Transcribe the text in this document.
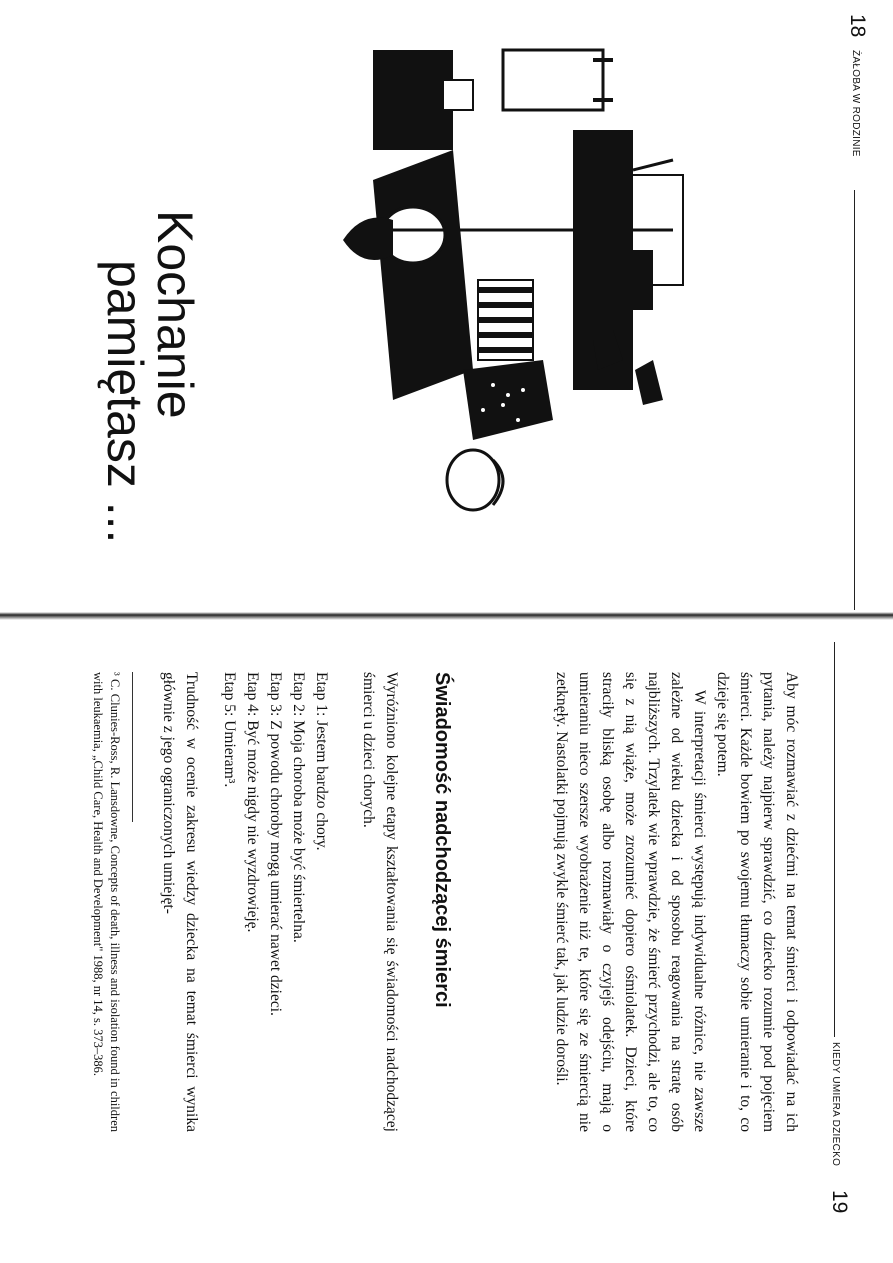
18
ŻAŁOBA W RODZINIE
Kochanie
pamiętasz ...
KIEDY UMIERA DZIECKO
19

Aby móc rozmawiać z dziećmi na temat śmierci i odpowiadać na ich pytania, należy najpierw sprawdzić, co dziecko rozumie pod pojęciem śmierci. Każde bowiem po swojemu tłumaczy sobie umieranie i to, co dzieje się potem.

W interpretacji śmierci występują indywidualne różnice, nie zawsze zależne od wieku dziecka i od sposobu reagowania na stratę osób najbliższych. Trzylatek wie wprawdzie, że śmierć przychodzi, ale to, co się z nią wiąże, może zrozumieć dopiero ośmiolatek. Dzieci, które straciły bliską osobę albo rozmawiały o czyjejś odejściu, mają o umieraniu nieco szersze wyobrażenie niż te, które się ze śmiercią nie zetknęły. Nastolatki pojmują zwykle śmierć tak, jak ludzie dorośli.

Świadomość nadchodzącej śmierci

Wyróżniono kolejne etapy kształtowania się świadomości nadchodzącej śmierci u dzieci chorych.

Etap 1: Jestem bardzo chory.
Etap 2: Moja choroba może być śmiertelna.
Etap 3: Z powodu choroby mogą umierać nawet dzieci.
Etap 4: Być może nigdy nie wyzdrowieję.
Etap 5: Umieram³.

Trudność w ocenie zakresu wiedzy dziecka na temat śmierci wynika głównie z jego ograniczonych umiejęt-

³ C. Clunies-Ross, R. Lansdowne, Concepts of death, illness and isolation found in children with leukaemia, „Child Care, Health and Development" 1988, nr 14, s. 373–386.
